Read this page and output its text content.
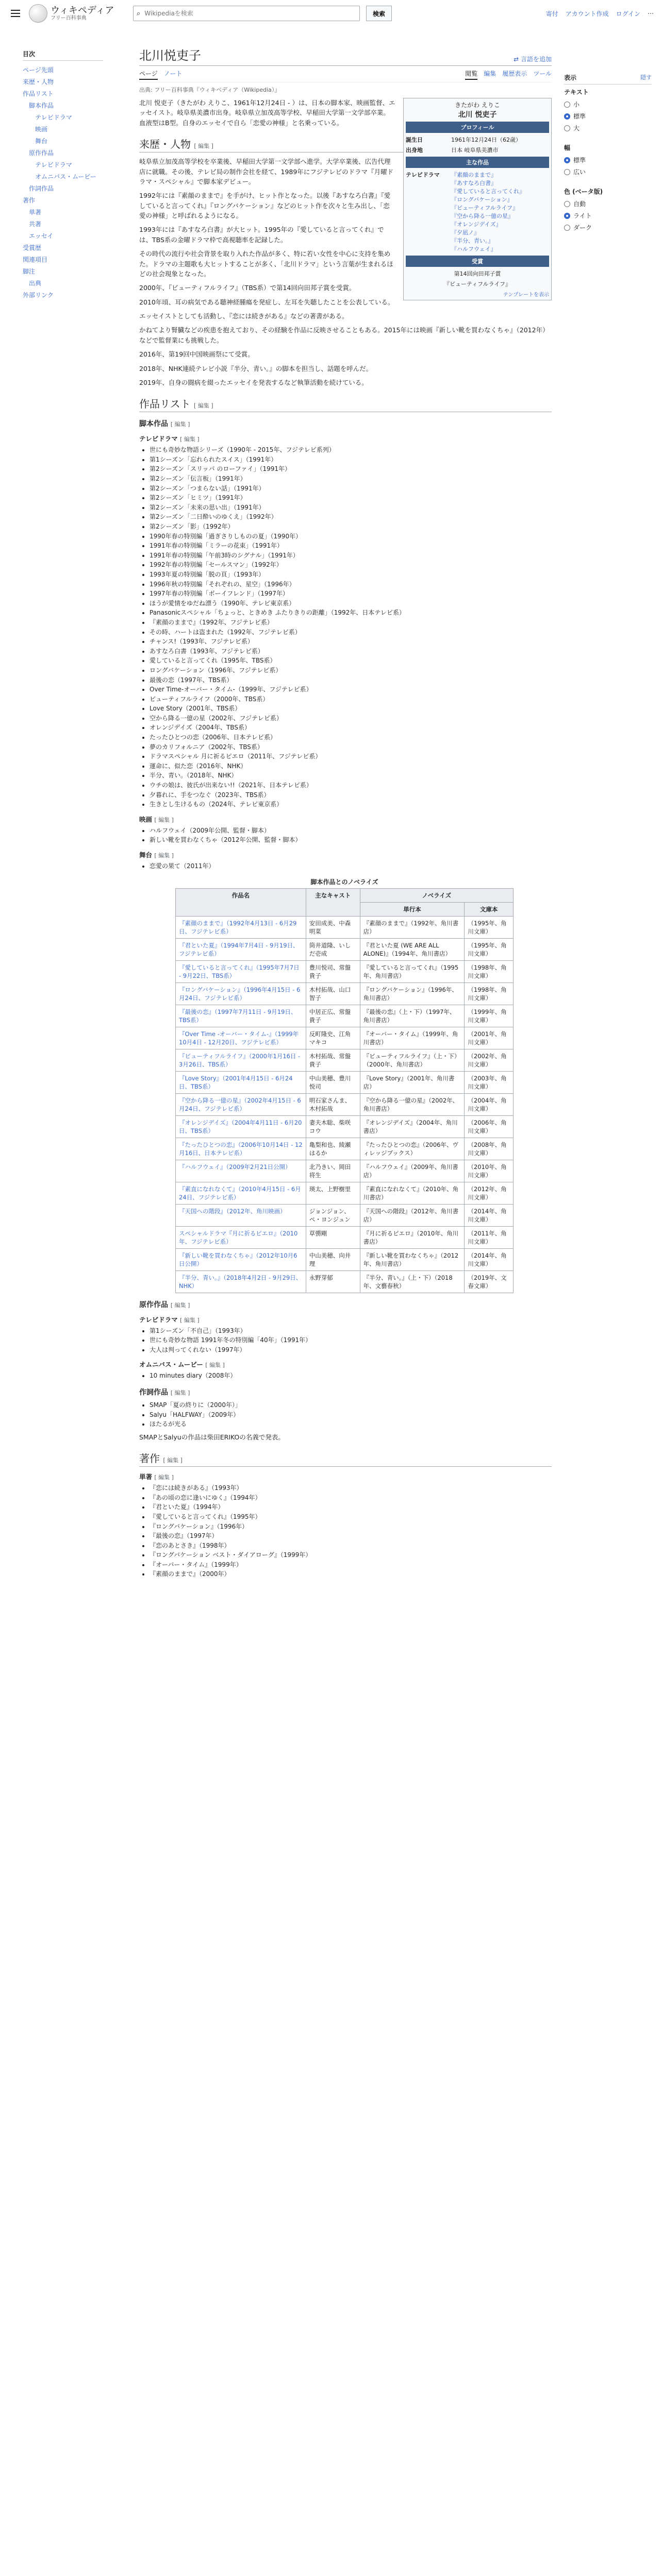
ウィキペディア
フリー百科事典
⌕
Wikipediaを検索	検索	寄付 アカウント作成 ログイン ⋯
目次
ページ先頭
来歴・人物
作品リスト
脚本作品
テレビドラマ
映画
舞台
原作作品
テレビドラマ
オムニバス・ムービー
作詞作品
著作
単著
共著
エッセイ
受賞歴
関連項目
脚注
出典
外部リンク
北川悦吏子	⇄ 言語を追加
ページ ノート	閲覧 編集 履歴表示 ツール
出典: フリー百科事典『ウィキペディア（Wikipedia）』
きたがわ えりこ
北川 悦吏子
プロフィール
誕生日	1961年12月24日（62歳）
出身地	日本 岐阜県美濃市
主な作品
テレビドラマ	『素顔のままで』
『あすなろ白書』
『愛していると言ってくれ』
『ロングバケーション』
『ビューティフルライフ』
『空から降る一億の星』
『オレンジデイズ』
『夕凪ノ』
『半分、青い。』
『ハルフウェイ』
受賞
第14回向田邦子賞
『ビューティフルライフ』
テンプレートを表示

北川 悦吏子（きたがわ えりこ、1961年12月24日 - ）は、日本の脚本家、映画監督、エッセイスト。岐阜県美濃市出身。岐阜県立加茂高等学校、早稲田大学第一文学部卒業。血液型はB型。自身のエッセイで自ら「恋愛の神様」と名乗っている。

来歴・人物 [ 編集 ]

岐阜県立加茂高等学校を卒業後、早稲田大学第一文学部へ進学。大学卒業後、広告代理店に就職。その後、テレビ局の制作会社を経て、1989年にフジテレビのドラマ『月曜ドラマ・スペシャル』で脚本家デビュー。

1992年には『素顔のままで』を手がけ、ヒット作となった。以後『あすなろ白書』『愛していると言ってくれ』『ロングバケーション』などのヒット作を次々と生み出し、「恋愛の神様」と呼ばれるようになる。

1993年には『あすなろ白書』が大ヒット。1995年の『愛していると言ってくれ』では、TBS系の金曜ドラマ枠で高視聴率を記録した。

その時代の流行や社会背景を取り入れた作品が多く、特に若い女性を中心に支持を集めた。ドラマの主題歌も大ヒットすることが多く、「北川ドラマ」という言葉が生まれるほどの社会現象となった。

2000年、『ビューティフルライフ』（TBS系）で第14回向田邦子賞を受賞。

2010年頃、耳の病気である聴神経腫瘍を発症し、左耳を失聴したことを公表している。

エッセイストとしても活動し、『恋には続きがある』などの著書がある。

かねてより腎臓などの疾患を抱えており、その経験を作品に反映させることもある。2015年には映画『新しい靴を買わなくちゃ』（2012年）などで監督業にも挑戦した。

2016年、第19回中国映画祭にて受賞。

2018年、NHK連続テレビ小説『半分、青い。』の脚本を担当し、話題を呼んだ。

2019年、自身の闘病を綴ったエッセイを発表するなど執筆活動を続けている。

作品リスト [ 編集 ]
脚本作品 [ 編集 ]
テレビドラマ [ 編集 ]
• 世にも奇妙な物語シリーズ（1990年 - 2015年、フジテレビ系列）
• 第1シーズン「忘れられたスイス」（1991年）
• 第2シーズン「スリッパ のローファイ」（1991年）
• 第2シーズン「伝言板」（1991年）
• 第2シーズン「つまらない話」（1991年）
• 第2シーズン「ヒミツ」（1991年）
• 第2シーズン「未来の思い出」（1991年）
• 第2シーズン「二日酔いのゆくえ」（1992年）
• 第2シーズン「影」（1992年）
• 1990年春の特別編「過ぎさりしものの夏」（1990年）
• 1991年春の特別編「ミラーの花束」（1991年）
• 1991年春の特別編「午前3時のシグナル」（1991年）
• 1992年春の特別編「セールスマン」（1992年）
• 1993年夏の特別編「脱の頁」（1993年）
• 1996年秋の特別編「それぞれの、星空」（1996年）
• 1997年春の特別編「ボーイフレンド」（1997年）
• ほうが愛情をゆだね漂う（1990年、テレビ東京系）
• Panasonicスペシャル「ちょっと、ときめき ふたりきりの距離」（1992年、日本テレビ系）
• 『素顔のままで』（1992年、フジテレビ系）
• その時、ハートは盗まれた（1992年、フジテレビ系）
• チャンス!（1993年、フジテレビ系）
• あすなろ白書（1993年、フジテレビ系）
• 愛していると言ってくれ（1995年、TBS系）
• ロングバケーション（1996年、フジテレビ系）
• 最後の恋（1997年、TBS系）
• Over Time-オーバー・タイム-（1999年、フジテレビ系）
• ビューティフルライフ（2000年、TBS系）
• Love Story（2001年、TBS系）
• 空から降る一億の星（2002年、フジテレビ系）
• オレンジデイズ（2004年、TBS系）
• たったひとつの恋（2006年、日本テレビ系）
• 夢のカリフォルニア（2002年、TBS系）
• ドラマスペシャル 月に祈るピエロ（2011年、フジテレビ系）
• 運命に、似た恋（2016年、NHK）
• 半分、青い。（2018年、NHK）
• ウチの娘は、彼氏が出来ない!!（2021年、日本テレビ系）
• 夕暮れに、手をつなぐ（2023年、TBS系）
• 生きとし生けるもの（2024年、テレビ東京系）
映画 [ 編集 ]
• ハルフウェイ（2009年公開、監督・脚本）
• 新しい靴を買わなくちゃ（2012年公開、監督・脚本）
舞台 [ 編集 ]
• 恋愛の果て（2011年）
脚本作品とのノベライズ
作品名	主なキャスト	ノベライズ	
		単行本	文庫本
『素顔のままで』（1992年4月13日 - 6月29日、フジテレビ系）	安田成美、中森明菜	『素顔のままで』（1992年、角川書店）	（1995年、角川文庫）
『君といた夏』（1994年7月4日 - 9月19日、フジテレビ系）	筒井道隆、いしだ壱成	『君といた夏 (WE ARE ALL ALONE)』（1994年、角川書店）	（1995年、角川文庫）
『愛していると言ってくれ』（1995年7月7日 - 9月22日、TBS系）	豊川悦司、常盤貴子	『愛していると言ってくれ』（1995年、角川書店）	（1998年、角川文庫）
『ロングバケーション』（1996年4月15日 - 6月24日、フジテレビ系）	木村拓哉、山口智子	『ロングバケーション』（1996年、角川書店）	（1998年、角川文庫）
『最後の恋』（1997年7月11日 - 9月19日、TBS系）	中居正広、常盤貴子	『最後の恋』（上・下）（1997年、角川書店）	（1999年、角川文庫）
『Over Time -オーバー・タイム-』（1999年10月4日 - 12月20日、フジテレビ系）	反町隆史、江角マキコ	『オーバー・タイム』（1999年、角川書店）	（2001年、角川文庫）
『ビューティフルライフ』（2000年1月16日 - 3月26日、TBS系）	木村拓哉、常盤貴子	『ビューティフルライフ』（上・下）（2000年、角川書店）	（2002年、角川文庫）
『Love Story』（2001年4月15日 - 6月24日、TBS系）	中山美穂、豊川悦司	『Love Story』（2001年、角川書店）	（2003年、角川文庫）
『空から降る一億の星』（2002年4月15日 - 6月24日、フジテレビ系）	明石家さんま、木村拓哉	『空から降る一億の星』（2002年、角川書店）	（2004年、角川文庫）
『オレンジデイズ』（2004年4月11日 - 6月20日、TBS系）	妻夫木聡、柴咲コウ	『オレンジデイズ』（2004年、角川書店）	（2006年、角川文庫）
『たったひとつの恋』（2006年10月14日 - 12月16日、日本テレビ系）	亀梨和也、綾瀬はるか	『たったひとつの恋』（2006年、ヴィレッジブックス）	（2008年、角川文庫）
『ハルフウェイ』（2009年2月21日公開）	北乃きい、岡田将生	『ハルフウェイ』（2009年、角川書店）	（2010年、角川文庫）
『素直になれなくて』（2010年4月15日 - 6月24日、フジテレビ系）	瑛太、上野樹里	『素直になれなくて』（2010年、角川書店）	（2012年、角川文庫）
『天国への階段』（2012年、角川映画）	ジョンジョン、ペ・ヨンジュン	『天国への階段』（2012年、角川書店）	（2014年、角川文庫）
スペシャルドラマ『月に祈るピエロ』（2010年、フジテレビ系）	草彅剛	『月に祈るピエロ』（2010年、角川書店）	（2011年、角川文庫）
『新しい靴を買わなくちゃ』（2012年10月6日公開）	中山美穂、向井理	『新しい靴を買わなくちゃ』（2012年、角川書店）	（2014年、角川文庫）
『半分、青い。』（2018年4月2日 - 9月29日、NHK）	永野芽郁	『半分、青い。』（上・下）（2018年、文藝春秋）	（2019年、文春文庫）
原作作品 [ 編集 ]
テレビドラマ [ 編集 ]
• 第1シーズン「不自己」（1993年）
• 世にも奇妙な物語 1991年冬の特別編「40年」（1991年）
• 大人は判ってくれない（1997年）
オムニバス・ムービー [ 編集 ]
• 10 minutes diary（2008年）
作詞作品 [ 編集 ]
• SMAP「夏の終りに（2000年）」
• Salyu「HALFWAY」（2009年）
• ほたるが光る

SMAPとSalyuの作品は柴田ERIKOの名義で発表。

著作 [ 編集 ]
単著 [ 編集 ]
• 『恋には続きがある』（1993年）
• 『あの頃の恋に逢いにゆく』（1994年）
• 『君といた夏』（1994年）
• 『愛していると言ってくれ』（1995年）
• 『ロングバケーション』（1996年）
• 『最後の恋』（1997年）
• 『恋のあとさき』（1998年）
• 『ロングバケーション ベスト・ダイアローグ』（1999年）
• 『オーバー・タイム』（1999年）
• 『素顔のままで』（2000年）
表示	隠す
テキスト
小
標準
大
幅
標準
広い
色 (ベータ版)
自動
ライト
ダーク
